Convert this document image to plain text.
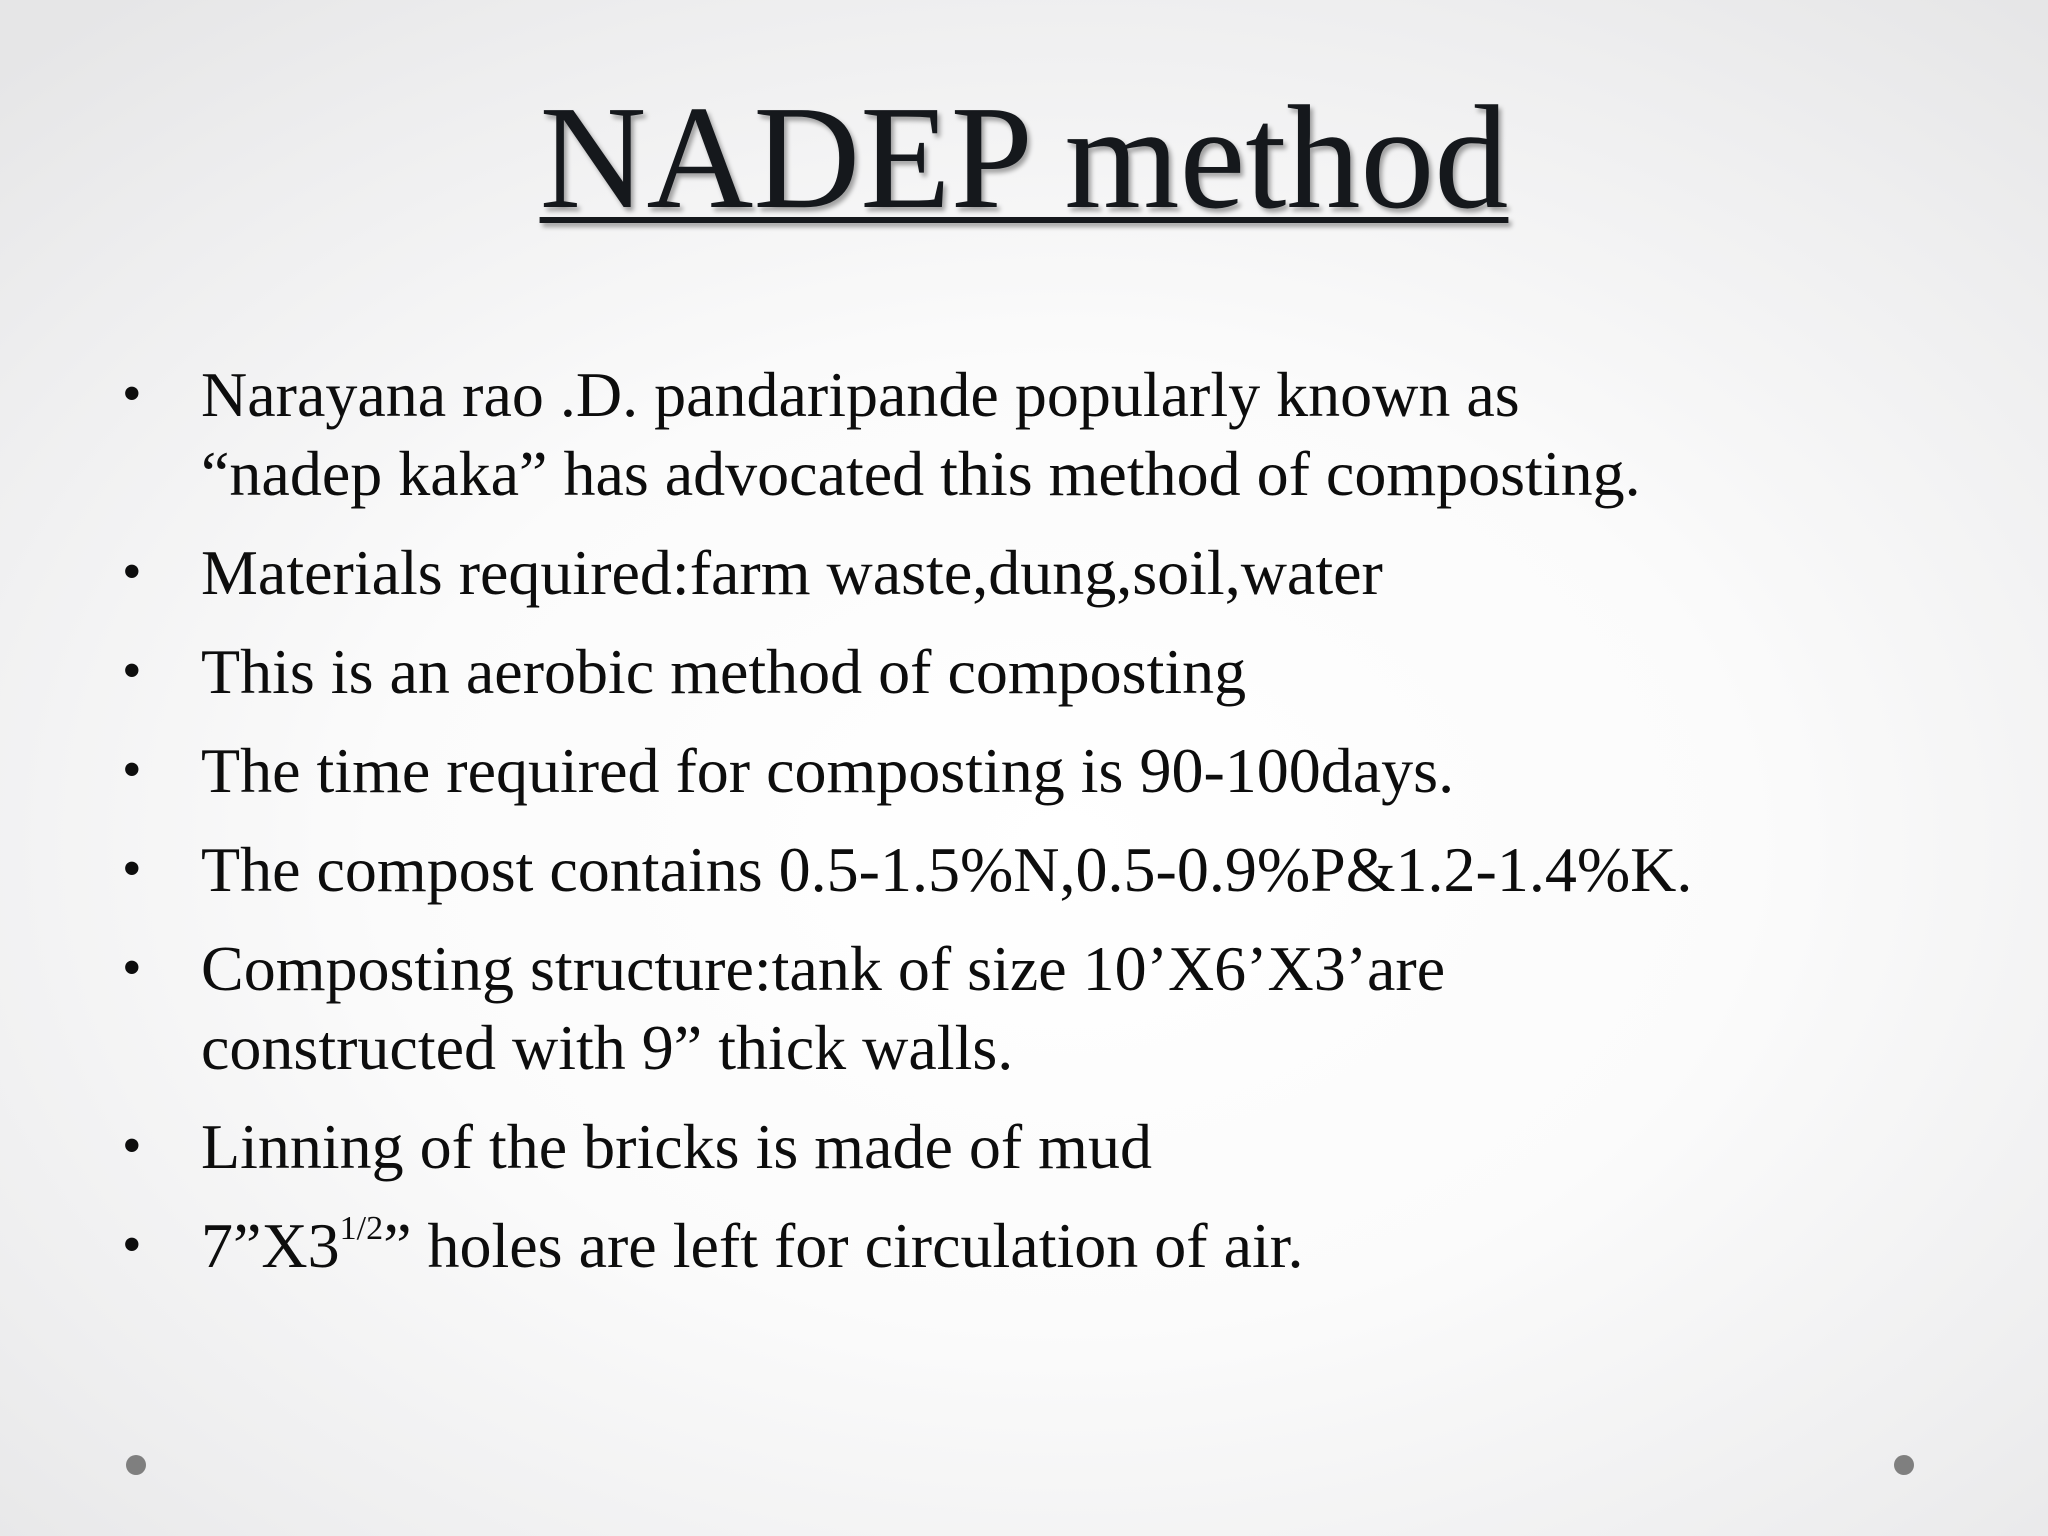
NADEP method
• Narayana rao .D. pandaripande popularly known as
“nadep kaka” has advocated this method of composting.
• Materials required:farm waste,dung,soil,water
• This is an aerobic method of composting
• The time required for composting is 90-100days.
• The compost contains 0.5-1.5%N,0.5-0.9%P&1.2-1.4%K.
• Composting structure:tank of size 10’X6’X3’are
constructed with 9” thick walls.
• Linning of the bricks is made of mud
• $7”X3^{1/2}$” holes are left for circulation of air.
